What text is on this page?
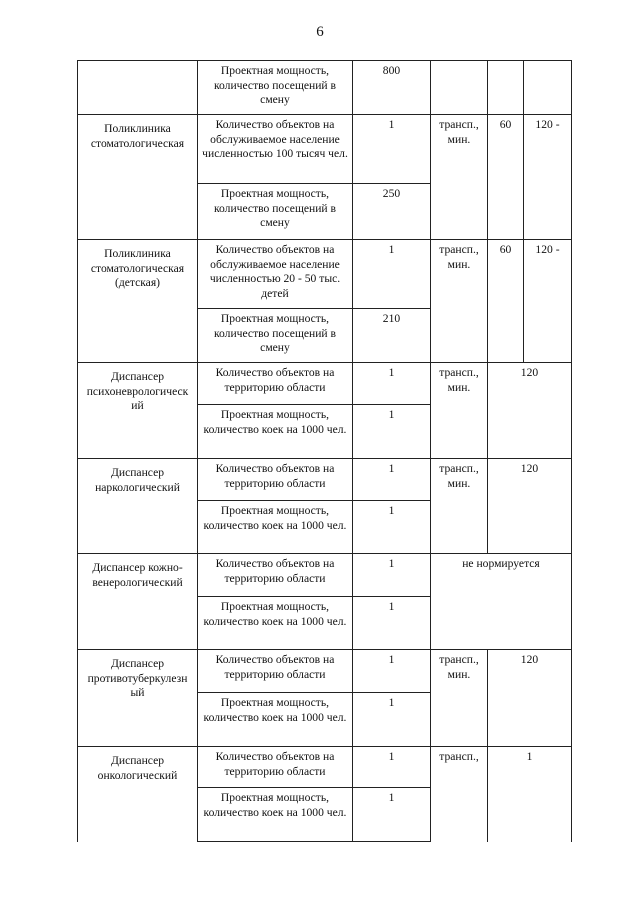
6
	Проектная мощность, количество посещений в смену	800			
Поликлиника стоматологическая	Количество объектов на обслуживаемое население численностью 100 тысяч чел.	1	трансп., мин.	60	120 -
	Проектная мощность, количество посещений в смену	250			
Поликлиника стоматологическая (детская)	Количество объектов на обслуживаемое население численностью 20 - 50 тыс. детей	1	трансп., мин.	60	120 -
	Проектная мощность, количество посещений в смену	210			
Диспансер психоневрологическ ий	Количество объектов на территорию области	1	трансп., мин.	120	
	Проектная мощность, количество коек на 1000 чел.	1			
Диспансер наркологический	Количество объектов на территорию области	1	трансп., мин.	120	
	Проектная мощность, количество коек на 1000 чел.	1			
Диспансер кожно- венерологический	Количество объектов на территорию области	1	не нормируется		
	Проектная мощность, количество коек на 1000 чел.	1			
Диспансер противотуберкулезн ый	Количество объектов на территорию области	1	трансп., мин.	120	
	Проектная мощность, количество коек на 1000 чел.	1			
Диспансер онкологический	Количество объектов на территорию области	1	трансп.,	1	
	Проектная мощность, количество коек на 1000 чел.	1			
